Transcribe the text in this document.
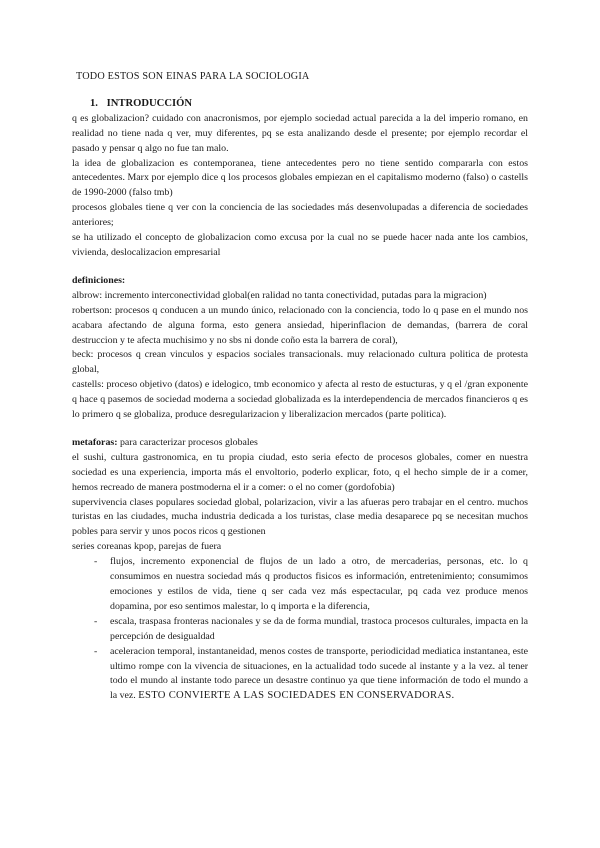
TODO ESTOS SON EINAS PARA LA SOCIOLOGIA
1. INTRODUCCIÓN

q es globalizacion? cuidado con anacronismos, por ejemplo sociedad actual parecida a la del imperio romano, en realidad no tiene nada q ver, muy diferentes, pq se esta analizando desde el presente; por ejemplo recordar el pasado y pensar q algo no fue tan malo.

la idea de globalizacion es contemporanea, tiene antecedentes pero no tiene sentido compararla con estos antecedentes. Marx por ejemplo dice q los procesos globales empiezan en el capitalismo moderno (falso) o castells de 1990-2000 (falso tmb)

procesos globales tiene q ver con la conciencia de las sociedades más desenvolupadas a diferencia de sociedades anteriores;

se ha utilizado el concepto de globalizacion como excusa por la cual no se puede hacer nada ante los cambios, vivienda, deslocalizacion empresarial

definiciones:

albrow: incremento interconectividad global(en ralidad no tanta conectividad, putadas para la migracion)

robertson: procesos q conducen a un mundo único, relacionado con la conciencia, todo lo q pase en el mundo nos acabara afectando de alguna forma, esto genera ansiedad, hiperinflacion de demandas, (barrera de coral destruccion y te afecta muchisimo y no sbs ni donde coño esta la barrera de coral),

beck: procesos q crean vinculos y espacios sociales transacionals. muy relacionado cultura politica de protesta global,

castells: proceso objetivo (datos) e idelogico, tmb economico y afecta al resto de estucturas, y q el /gran exponente q hace q pasemos de sociedad moderna a sociedad globalizada es la interdependencia de mercados financieros q es lo primero q se globaliza, produce desregularizacion y liberalizacion mercados (parte politica).

metaforas: para caracterizar procesos globales

el sushi, cultura gastronomica, en tu propia ciudad, esto seria efecto de procesos globales, comer en nuestra sociedad es una experiencia, importa más el envoltorio, poderlo explicar, foto, q el hecho simple de ir a comer, hemos recreado de manera postmoderna el ir a comer: o el no comer (gordofobia)

supervivencia clases populares sociedad global, polarizacion, vivir a las afueras pero trabajar en el centro. muchos turistas en las ciudades, mucha industria dedicada a los turistas, clase media desaparece pq se necesitan muchos pobles para servir y unos pocos ricos q gestionen

series coreanas kpop, parejas de fuera

- flujos, incremento exponencial de flujos de un lado a otro, de mercaderias, personas, etc. lo q consumimos en nuestra sociedad más q productos fisicos es información, entretenimiento; consumimos emociones y estilos de vida, tiene q ser cada vez más espectacular, pq cada vez produce menos dopamina, por eso sentimos malestar, lo q importa e la diferencia,
- escala, traspasa fronteras nacionales y se da de forma mundial, trastoca procesos culturales, impacta en la percepción de desigualdad
- aceleracion temporal, instantaneidad, menos costes de transporte, periodicidad mediatica instantanea, este ultimo rompe con la vivencia de situaciones, en la actualidad todo sucede al instante y a la vez. al tener todo el mundo al instante todo parece un desastre continuo ya que tiene información de todo el mundo a la vez. ESTO CONVIERTE A LAS SOCIEDADES EN CONSERVADORAS.
